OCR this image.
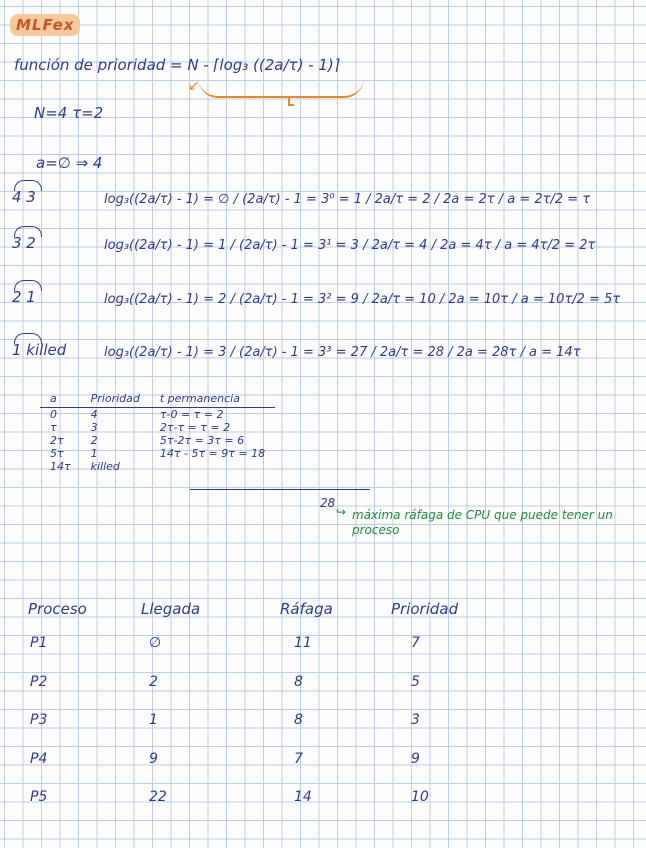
MLFex
función de prioridad = N - ⌈log₃ ((2a/τ) - 1)⌉
↙
N=4 τ=2
a=∅ ⇒ 4
4 3	log₃((2a/τ) - 1) = ∅ / (2a/τ) - 1 = 3⁰ = 1 / 2a/τ = 2 / 2a = 2τ / a = 2τ/2 = τ
3 2	log₃((2a/τ) - 1) = 1 / (2a/τ) - 1 = 3¹ = 3 / 2a/τ = 4 / 2a = 4τ / a = 4τ/2 = 2τ
2 1	log₃((2a/τ) - 1) = 2 / (2a/τ) - 1 = 3² = 9 / 2a/τ = 10 / 2a = 10τ / a = 10τ/2 = 5τ
1 killed	log₃((2a/τ) - 1) = 3 / (2a/τ) - 1 = 3³ = 27 / 2a/τ = 28 / 2a = 28τ / a = 14τ
a	Prioridad	t permanencia
0	4	τ-0 = τ = 2
τ	3	2τ-τ = τ = 2
2τ	2	5τ-2τ = 3τ = 6
5τ	1	14τ - 5τ = 9τ = 18
14τ	killed	
28
↪ máxima ráfaga de CPU que puede tener un proceso
Proceso	Llegada	Ráfaga	Prioridad
P1	∅	11	7
P2	2	8	5
P3	1	8	3
P4	9	7	9
P5	22	14	10
